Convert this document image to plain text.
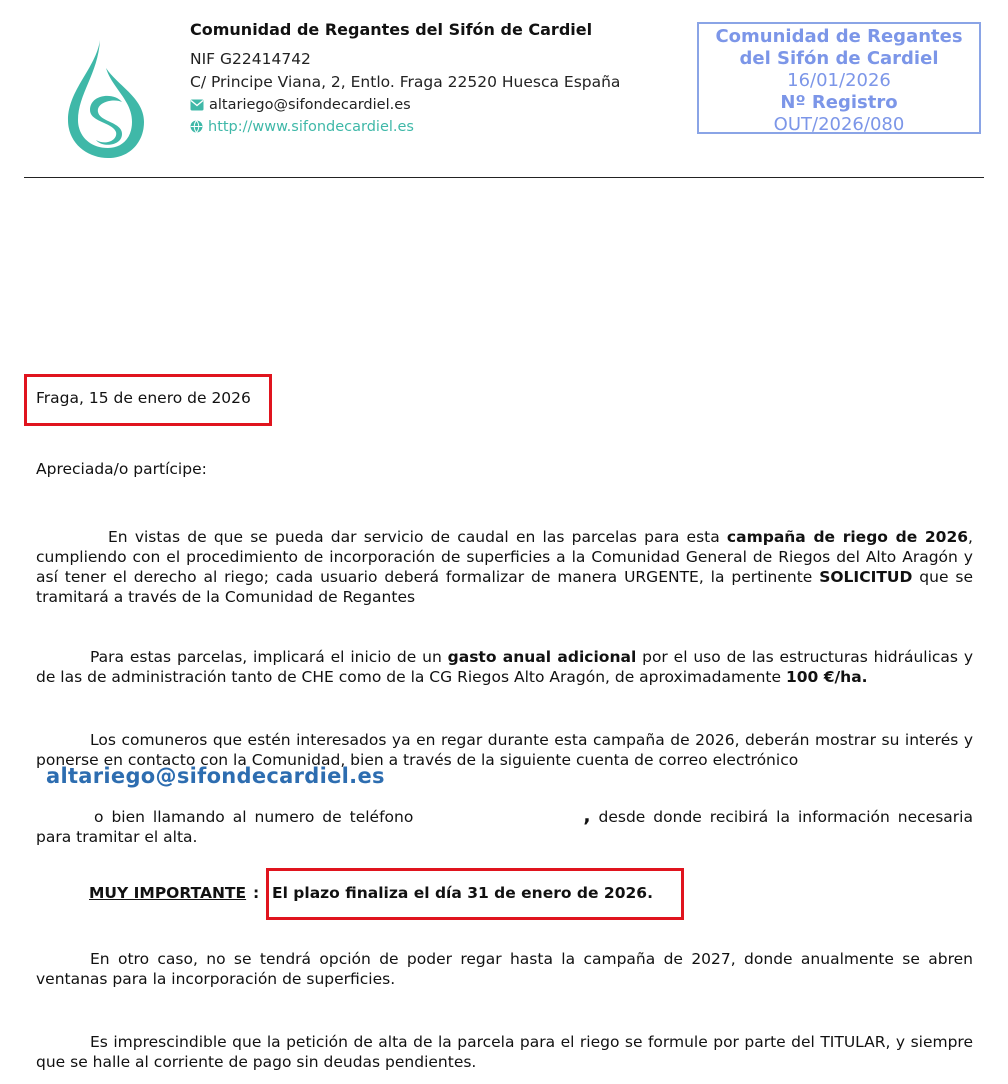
Comunidad de Regantes del Sifón de Cardiel
NIF G22414742
C/ Principe Viana, 2, Entlo. Fraga 22520 Huesca España
altariego@sifondecardiel.es
http://www.sifondecardiel.es
Comunidad de Regantes
del Sifón de Cardiel
16/01/2026
Nº Registro
OUT/2026/080
Fraga, 15 de enero de 2026
Apreciada/o partícipe:
En vistas de que se pueda dar servicio de caudal en las parcelas para esta campaña de riego de 2026, cumpliendo con el procedimiento de incorporación de superficies a la Comunidad General de Riegos del Alto Aragón y así tener el derecho al riego; cada usuario deberá formalizar de manera URGENTE, la pertinente SOLICITUD que se tramitará a través de la Comunidad de Regantes
Para estas parcelas, implicará el inicio de un gasto anual adicional por el uso de las estructuras hidráulicas y de las de administración tanto de CHE como de la CG Riegos Alto Aragón, de aproximadamente 100 €/ha.
Los comuneros que estén interesados ya en regar durante esta campaña de 2026, deberán mostrar su interés y ponerse en contacto con la Comunidad, bien a través de la siguiente cuenta de correo electrónico
altariego@sifondecardiel.es
o bien llamando al numero de teléfono	, desde donde recibirá la información necesaria para tramitar el alta.
MUY IMPORTANTE : El plazo finaliza el día 31 de enero de 2026.
En otro caso, no se tendrá opción de poder regar hasta la campaña de 2027, donde anualmente se abren ventanas para la incorporación de superficies.
Es imprescindible que la petición de alta de la parcela para el riego se formule por parte del TITULAR, y siempre que se halle al corriente de pago sin deudas pendientes.
